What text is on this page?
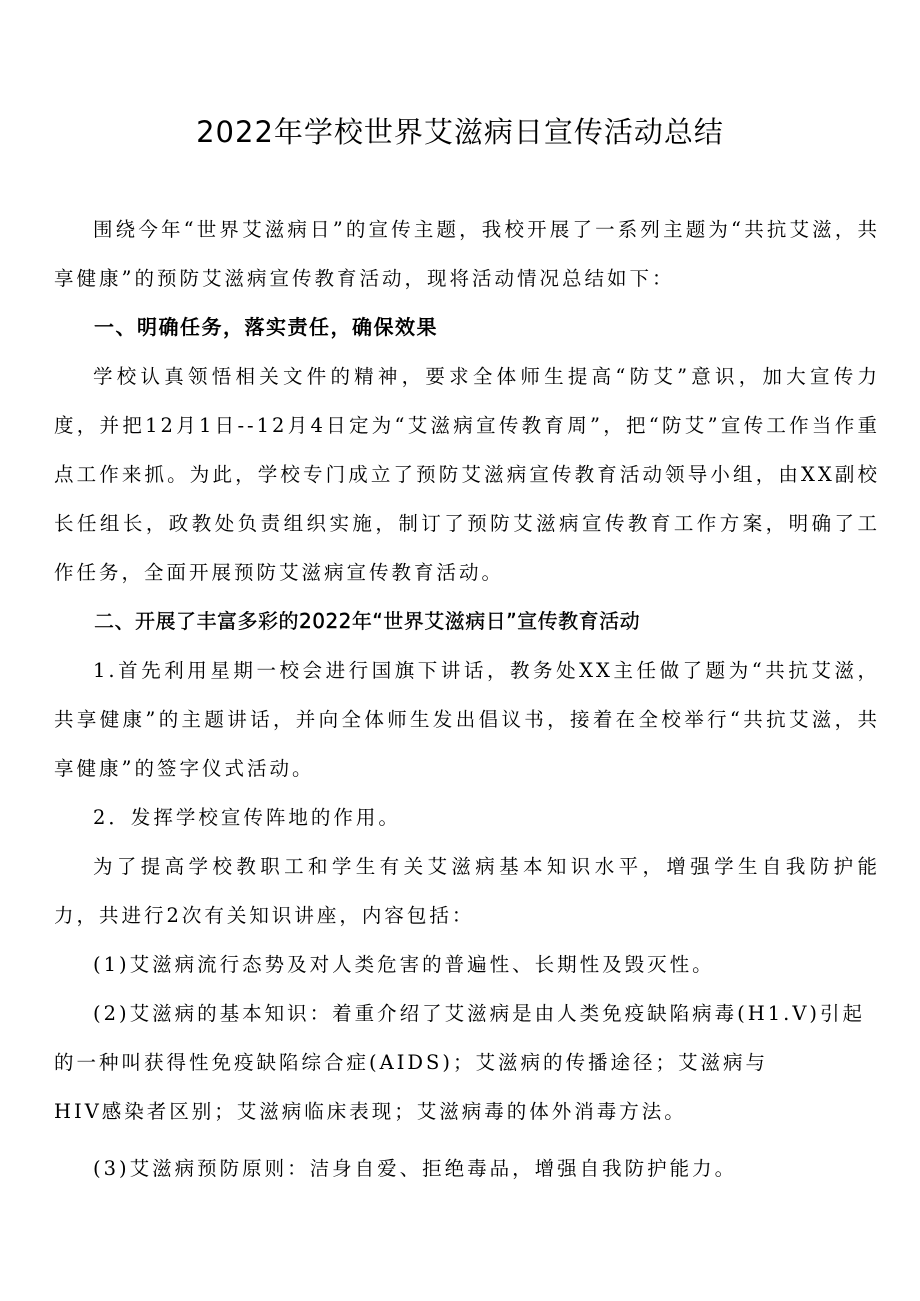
2022年学校世界艾滋病日宣传活动总结

围绕今年“世界艾滋病日”的宣传主题，我校开展了一系列主题为“共抗艾滋，共享健康”的预防艾滋病宣传教育活动，现将活动情况总结如下：

一、明确任务，落实责任，确保效果

学校认真领悟相关文件的精神，要求全体师生提高“防艾”意识，加大宣传力度，并把12月1日--12月4日定为“艾滋病宣传教育周”，把“防艾”宣传工作当作重点工作来抓。为此，学校专门成立了预防艾滋病宣传教育活动领导小组，由XX副校长任组长，政教处负责组织实施，制订了预防艾滋病宣传教育工作方案，明确了工作任务，全面开展预防艾滋病宣传教育活动。

二、开展了丰富多彩的2022年“世界艾滋病日”宣传教育活动

1.首先利用星期一校会进行国旗下讲话，教务处XX主任做了题为“共抗艾滋，共享健康”的主题讲话，并向全体师生发出倡议书，接着在全校举行“共抗艾滋，共享健康”的签字仪式活动。

2．发挥学校宣传阵地的作用。

为了提高学校教职工和学生有关艾滋病基本知识水平，增强学生自我防护能力，共进行2次有关知识讲座，内容包括：

(1)艾滋病流行态势及对人类危害的普遍性、长期性及毁灭性。

(2)艾滋病的基本知识：着重介绍了艾滋病是由人类免疫缺陷病毒(H1.V)引起的一种叫获得性免疫缺陷综合症(AIDS)；艾滋病的传播途径；艾滋病与

HIV感染者区别；艾滋病临床表现；艾滋病毒的体外消毒方法。

(3)艾滋病预防原则：洁身自爱、拒绝毒品，增强自我防护能力。
